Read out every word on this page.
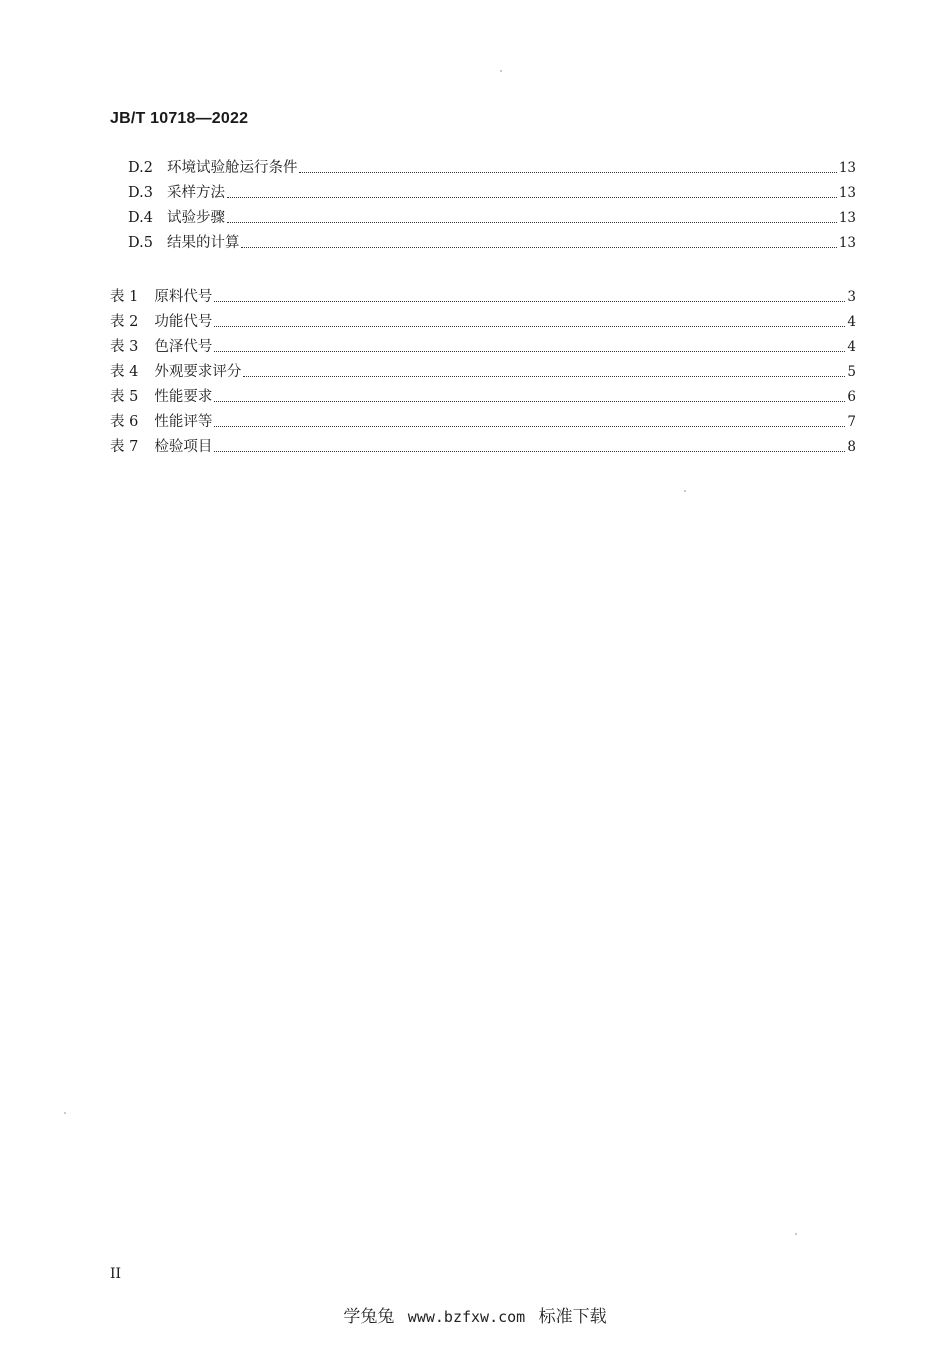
JB/T 10718—2022
D.2 环境试验舱运行条件	13
D.3 采样方法	13
D.4 试验步骤	13
D.5 结果的计算	13
表 1	原料代号	3
表 2	功能代号	4
表 3	色泽代号	4
表 4	外观要求评分	5
表 5	性能要求	6
表 6	性能评等	7
表 7	检验项目	8
II
学兔兔 www.bzfxw.com 标准下载
